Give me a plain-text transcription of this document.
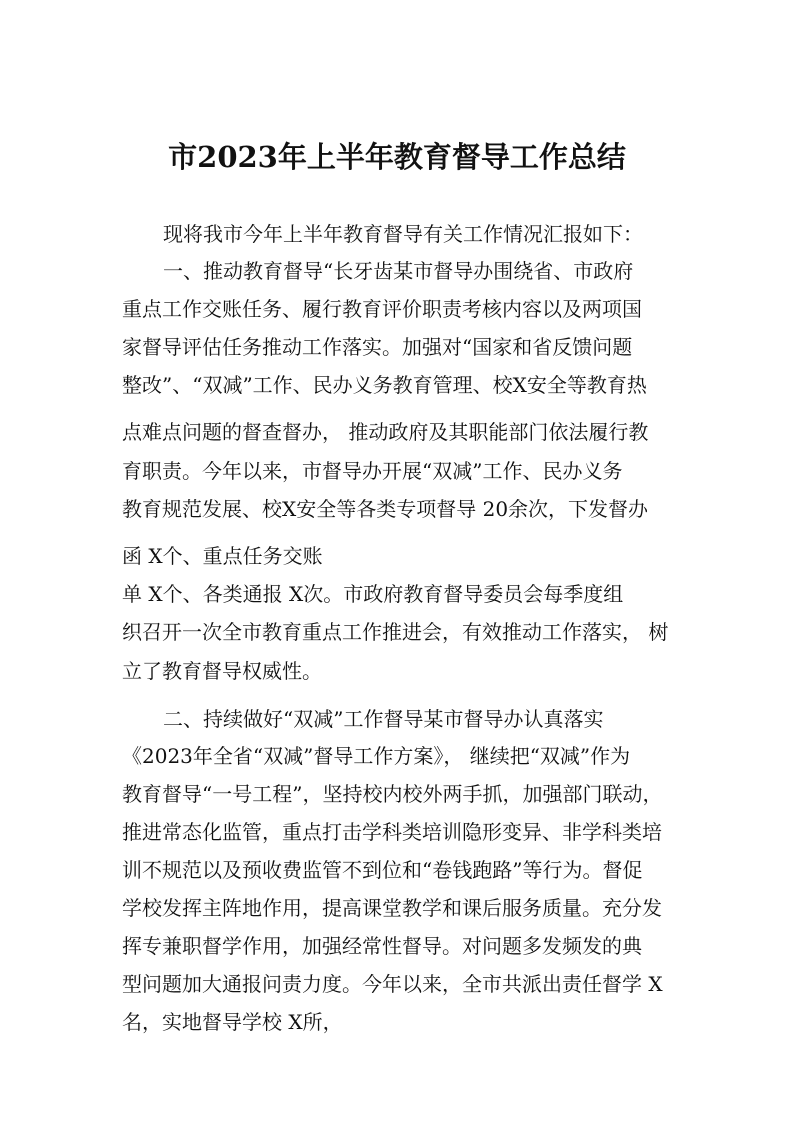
市2023年上半年教育督导工作总结
现将我市今年上半年教育督导有关工作情况汇报如下：
一、推动教育督导“长牙齿某市督导办围绕省、市政府
重点工作交账任务、履行教育评价职责考核内容以及两项国
家督导评估任务推动工作落实。加强对“国家和省反馈问题
整改”、“双减”工作、民办义务教育管理、校X安全等教育热
点难点问题的督查督办， 推动政府及其职能部门依法履行教
育职责。今年以来，市督导办开展“双减”工作、民办义务
教育规范发展、校X安全等各类专项督导 20余次，下发督办
函 X个、重点任务交账
单 X个、各类通报 X次。市政府教育督导委员会每季度组
织召开一次全市教育重点工作推进会，有效推动工作落实， 树
立了教育督导权威性。
二、持续做好“双减”工作督导某市督导办认真落实
《2023年全省“双减”督导工作方案》， 继续把“双减”作为
教育督导“一号工程”，坚持校内校外两手抓，加强部门联动，
推进常态化监管，重点打击学科类培训隐形变异、非学科类培
训不规范以及预收费监管不到位和“卷钱跑路”等行为。督促
学校发挥主阵地作用，提高课堂教学和课后服务质量。充分发
挥专兼职督学作用，加强经常性督导。对问题多发频发的典
型问题加大通报问责力度。今年以来，全市共派出责任督学 X
名，实地督导学校 X所，
